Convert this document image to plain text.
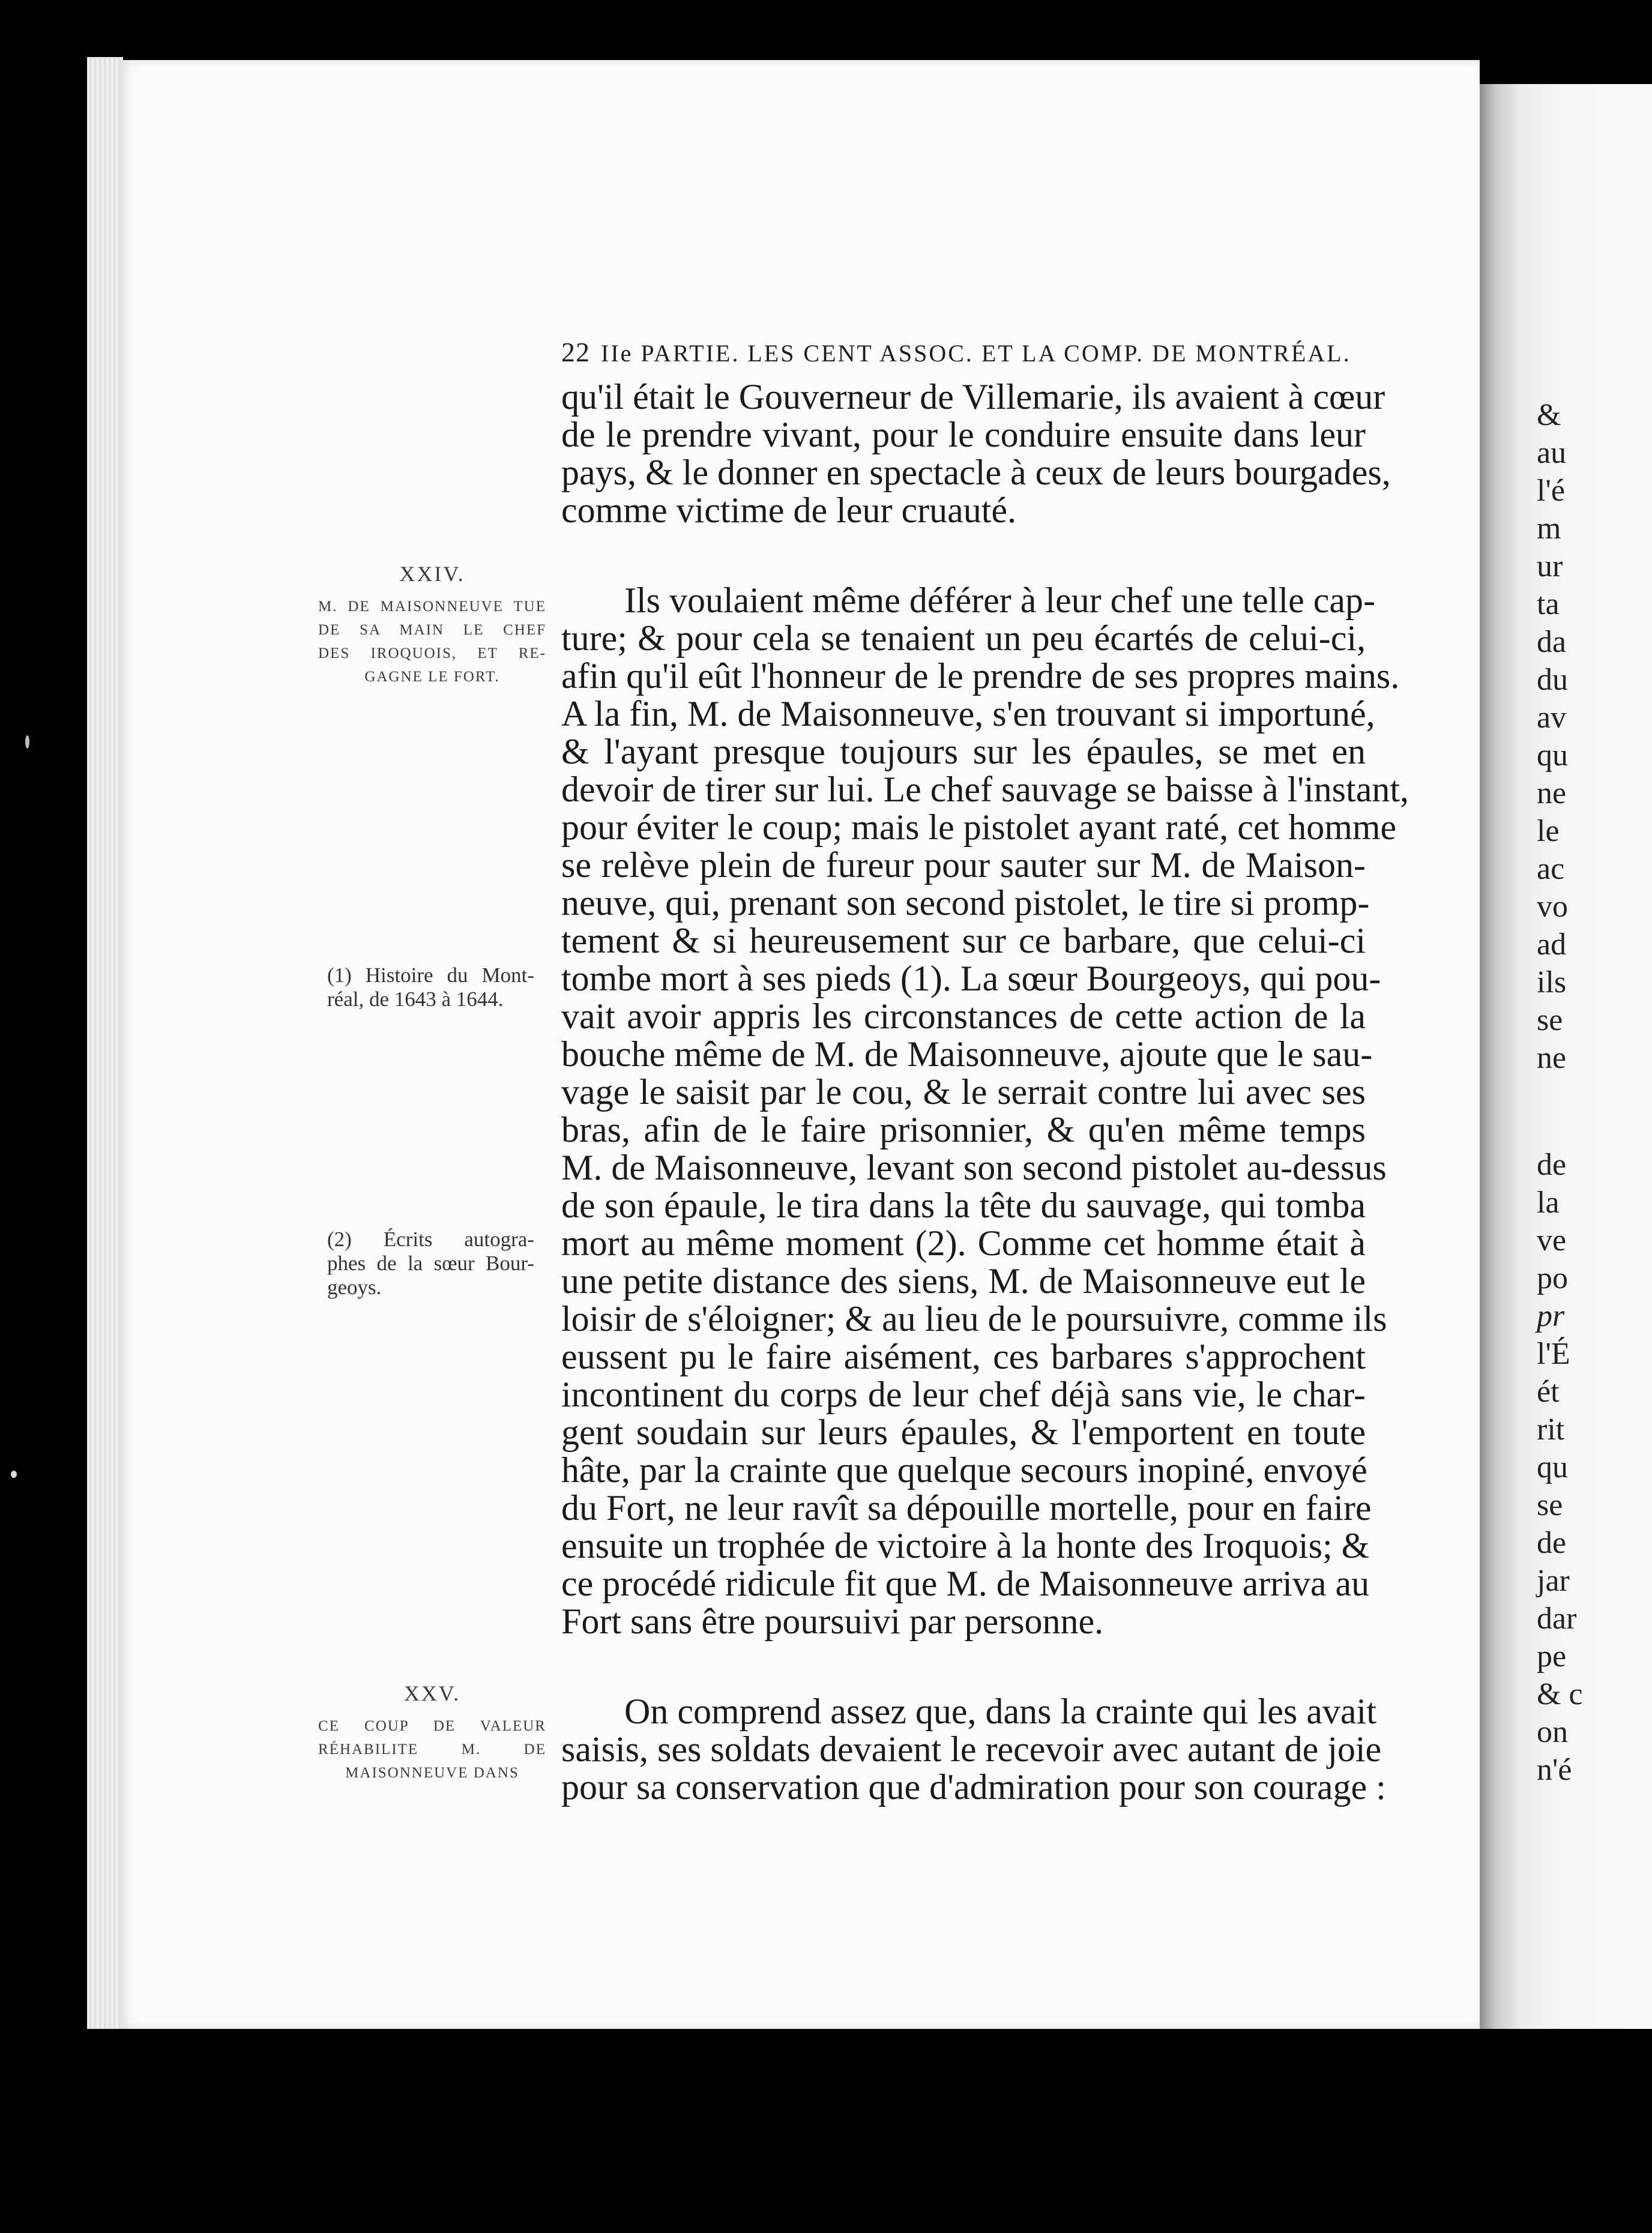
&
au
l'é
m
ur
ta
da
du
av
qu
ne
le
ac
vo
ad
ils
se
ne
de
la
ve
po
pr
l'É
ét
rit
qu
se
de
jar
dar
pe
& c
on
n'é
22 IIe PARTIE. LES CENT ASSOC. ET LA COMP. DE MONTRÉAL.
qu'il était le Gouverneur de Villemarie, ils avaient à cœur
de le prendre vivant, pour le conduire ensuite dans leur
pays, & le donner en spectacle à ceux de leurs bourgades,
comme victime de leur cruauté.
Ils voulaient même déférer à leur chef une telle cap-
ture; & pour cela se tenaient un peu écartés de celui-ci,
afin qu'il eût l'honneur de le prendre de ses propres mains.
A la fin, M. de Maisonneuve, s'en trouvant si importuné,
& l'ayant presque toujours sur les épaules, se met en
devoir de tirer sur lui. Le chef sauvage se baisse à l'instant,
pour éviter le coup; mais le pistolet ayant raté, cet homme
se relève plein de fureur pour sauter sur M. de Maison-
neuve, qui, prenant son second pistolet, le tire si promp-
tement & si heureusement sur ce barbare, que celui-ci
tombe mort à ses pieds (1). La sœur Bourgeoys, qui pou-
vait avoir appris les circonstances de cette action de la
bouche même de M. de Maisonneuve, ajoute que le sau-
vage le saisit par le cou, & le serrait contre lui avec ses
bras, afin de le faire prisonnier, & qu'en même temps
M. de Maisonneuve, levant son second pistolet au-dessus
de son épaule, le tira dans la tête du sauvage, qui tomba
mort au même moment (2). Comme cet homme était à
une petite distance des siens, M. de Maisonneuve eut le
loisir de s'éloigner; & au lieu de le poursuivre, comme ils
eussent pu le faire aisément, ces barbares s'approchent
incontinent du corps de leur chef déjà sans vie, le char-
gent soudain sur leurs épaules, & l'emportent en toute
hâte, par la crainte que quelque secours inopiné, envoyé
du Fort, ne leur ravît sa dépouille mortelle, pour en faire
ensuite un trophée de victoire à la honte des Iroquois; &
ce procédé ridicule fit que M. de Maisonneuve arriva au
Fort sans être poursuivi par personne.
On comprend assez que, dans la crainte qui les avait
saisis, ses soldats devaient le recevoir avec autant de joie
pour sa conservation que d'admiration pour son courage :
XXIV.
M. DE MAISONNEUVE TUE
DE SA MAIN LE CHEF
DES IROQUOIS, ET RE-
GAGNE LE FORT.
XXV.
CE COUP DE VALEUR
RÉHABILITE M. DE
MAISONNEUVE DANS
(1) Histoire du Mont-
réal, de 1643 à 1644.
(2) Écrits autogra-
phes de la sœur Bour-
geoys.
